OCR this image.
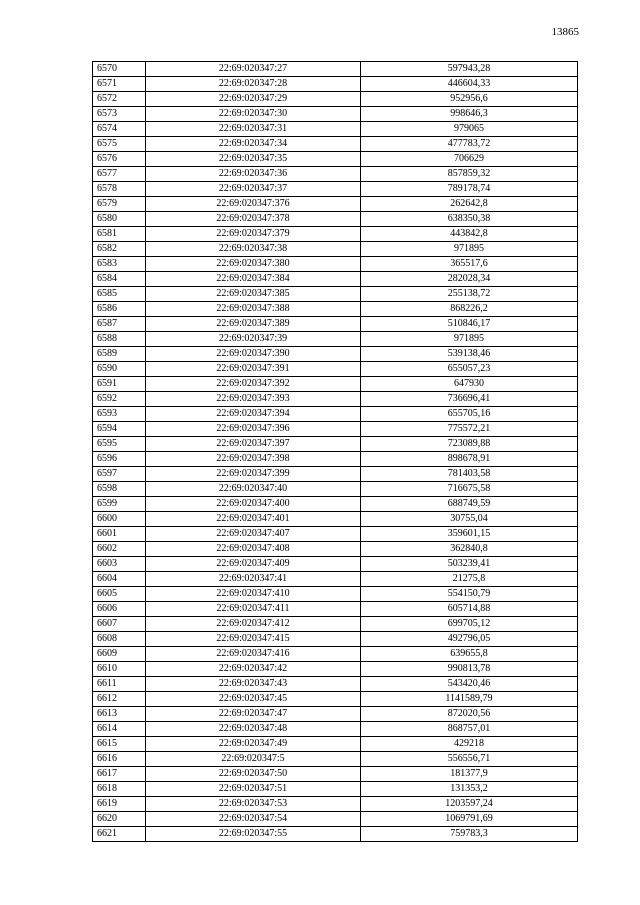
13865
6570	22:69:020347:27	597943,28
6571	22:69:020347:28	446604,33
6572	22:69:020347:29	952956,6
6573	22:69:020347:30	998646,3
6574	22:69:020347:31	979065
6575	22:69:020347:34	477783,72
6576	22:69:020347:35	706629
6577	22:69:020347:36	857859,32
6578	22:69:020347:37	789178,74
6579	22:69:020347:376	262642,8
6580	22:69:020347:378	638350,38
6581	22:69:020347:379	443842,8
6582	22:69:020347:38	971895
6583	22:69:020347:380	365517,6
6584	22:69:020347:384	282028,34
6585	22:69:020347:385	255138,72
6586	22:69:020347:388	868226,2
6587	22:69:020347:389	510846,17
6588	22:69:020347:39	971895
6589	22:69:020347:390	539138,46
6590	22:69:020347:391	655057,23
6591	22:69:020347:392	647930
6592	22:69:020347:393	736696,41
6593	22:69:020347:394	655705,16
6594	22:69:020347:396	775572,21
6595	22:69:020347:397	723089,88
6596	22:69:020347:398	898678,91
6597	22:69:020347:399	781403,58
6598	22:69:020347:40	716675,58
6599	22:69:020347:400	688749,59
6600	22:69:020347:401	30755,04
6601	22:69:020347:407	359601,15
6602	22:69:020347:408	362840,8
6603	22:69:020347:409	503239,41
6604	22:69:020347:41	21275,8
6605	22:69:020347:410	554150,79
6606	22:69:020347:411	605714,88
6607	22:69:020347:412	699705,12
6608	22:69:020347:415	492796,05
6609	22:69:020347:416	639655,8
6610	22:69:020347:42	990813,78
6611	22:69:020347:43	543420,46
6612	22:69:020347:45	1141589,79
6613	22:69:020347:47	872020,56
6614	22:69:020347:48	868757,01
6615	22:69:020347:49	429218
6616	22:69:020347:5	556556,71
6617	22:69:020347:50	181377,9
6618	22:69:020347:51	131353,2
6619	22:69:020347:53	1203597,24
6620	22:69:020347:54	1069791,69
6621	22:69:020347:55	759783,3
